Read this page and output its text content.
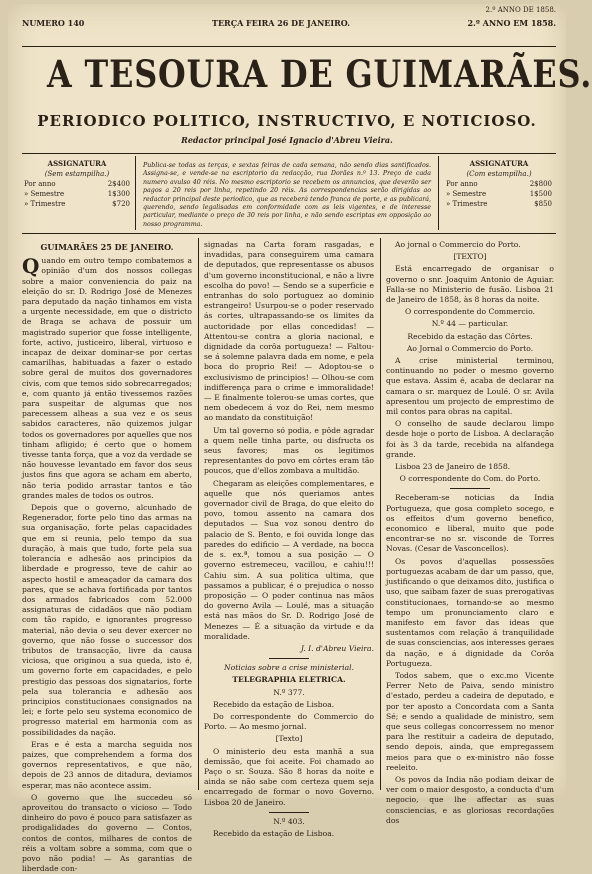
NUMERO 140	TERÇA FEIRA 26 DE JANEIRO.	2.º ANNO EM 1858.
2.º ANNO DE 1858.
A TESOURA DE GUIMARÃES.
PERIODICO POLITICO, INSTRUCTIVO, E NOTICIOSO.
Redactor principal José Ignacio d'Abreu Vieira.
ASSIGNATURA
(Sem estampilha.)
Por anno	2$400
» Semestre	1$300
» Trimestre	$720
Publica-se todas as terças, e sextas feiras de cada semana, não sendo dias santificados. Assigna-se, e vende-se na escriptorio da redacção, rua Dorães n.º 13. Preço de cada numero avulso 40 réis. No mesmo escriptorio se recebem os annuncios, que deverão ser pagos a 20 reis por linha, repetindo 20 réis. As correspondencias serão dirigidas ao redactor principal deste periodico, que as receberá tendo franca de porte, e as publicará, querendo, sendo legalisadas em conformidade com as leis vigentes, e de interesse particular, mediante o preço de 30 reis por linha, e não sendo escriptas em opposição ao nosso programma.
ASSIGNATURA
(Com estampilha.)
Por anno	2$800
» Semestre	1$500
» Trimestre	$850
GUIMARÃES 25 DE JANEIRO.

Quando em outro tempo combatemos a opinião d'um dos nossos collegas sobre a maior conveniencia do paiz na eleição do sr. D. Rodrigo José de Menezes para deputado da nação tinhamos em vista a urgente necessidade, em que o districto de Braga se achava de possuir um magistrado superior que fosse intelligente, forte, activo, justiceiro, liberal, virtuoso e incapaz de deixar dominar-se por certas camarilhas, habituadas a fazer o estado sobre geral de muitos dos governadores civis, com que temos sido sobrecarregados; e, com quanto já então tivessemos razões para suspeitar de algumas que nos parecessem alheas a sua vez e os seus sabidos caracteres, não quizemos julgar todos os governadores por aquelles que nos tinham afligido; é certo que o homem tivesse tanta força, que a voz da verdade se não houvesse levantado em favor dos seus justos fins que agora se acham em aberto, não teria podido arrastar tantos e tão grandes males de todos os outros.

Depois que o governo, alcunhado de Regenerador, forte pelo tino das armas na sua organisação, forte pelas capacidades que em si reunia, pelo tempo da sua duração, à mais que tudo, forte pela sua tolerancia e adhesão aos principios da liberdade e progresso, teve de cahir ao aspecto hostil e ameaçador da camara dos pares, que se achava fortificada por tantos dos armados fabricados com 52.000 assignaturas de cidadãos que não podiam com tão rapido, e ignorantes progresso material, não devia o seu dever exercer no governo, que não fosse o successor dos tributos de transacção, livre da causa viciosa, que originou a sua queda, isto é, um governo forte em capacidades, e pelo prestigio das pessoas dos signatarios, forte pela sua tolerancia e adhesão aos principios constitucionaes consignados na lei; e forte pelo seu systema economico de progresso material em harmonia com as possibilidades da nação.

Eras e é esta a marcha seguida nos paizes, que comprehendem a forma dos governos representativos, e que não, depois de 23 annos de ditadura, deviamos esperar, mas não acontece assim.

O governo que lhe succedeu só aproveitou do transacto o vicioso — Todo dinheiro do povo é pouco para satisfazer as prodigalidades do governo — Contos, contos de contos, milhares de contos de réis a voltam sobre a somma, com que o povo não podia! — As garantias de liberdade con-

signadas na Carta foram rasgadas, e invadidas, para conseguirem uma camara de deputados, que representasse os abusos d'um governo inconstitucional, e não a livre escolha do povo! — Sendo se a superficie e entranhas do solo portuguez ao dominio estrangeiro! Usurpou-se o poder reservado ás cortes, ultrapassando-se os limites da auctoridade por ellas concedidas! — Attentou-se contra a gloria nacional, e dignidade da corôa portugueza! — Faltou-se á solemne palavra dada em nome, e pela boca do proprio Rei! — Adoptou-se o exclusivismo de principios! — Olhou-se com indifferença para o crime e immoralidade! — E finalmente tolerou-se umas cortes, que nem obedecem á voz do Rei, nem mesmo ao mandato da constituição!

Um tal governo só podia, e pôde agradar a quem nelle tinha parte, ou disfructa os seus favores; mas os legitimos representantes do povo em côrtes eram tão poucos, que d'ellos zombava a multidão.

Chegaram as eleições complementares, e aquelle que nós queriamos antes governador civil de Braga, do que eleito do povo, tomou assento na camara dos deputados — Sua voz sonou dentro do palacio de S. Bento, e foi ouvida longe das paredes do edificio — A verdade, na bocca de s. ex.ª, tomou a sua posição — O governo estremeceu, vacillou, e cahiu!!! Cahiu sim. A sua politica ultima, que passamos a publicar, é o prejudica o nosso proposição — O poder continua nas mãos do governo Avila — Loulé, mas a situação está nas mãos do Sr. D. Rodrigo José de Menezes — É a situação da virtude e da moralidade.

J. I. d'Abreu Vieira.

Noticias sobre a crise ministerial.

TELEGRAPHIA ELETRICA.

N.º 377.

Recebido da estação de Lisboa.

Do correspondente do Commercio do Porto. — Ao mesmo jornal.

[Texto]

O ministerio deu esta manhã a sua demissão, que foi aceite. Foi chamado ao Paço o sr. Souza. São 8 horas da noite e ainda se não sabe com certeza quem seja encarregado de formar o novo Governo. Lisboa 20 de Janeiro.

N.º 403.

Recebido da estação de Lisboa.

Ao jornal o Commercio do Porto.

[TEXTO]

Está encarregado de organisar o governo o snr. Joaquim Antonio de Aguiar. Falla-se no Ministerio de fusão. Lisboa 21 de Janeiro de 1858, às 8 horas da noite.

O correspondente do Commercio.

N.º 44 — particular.

Recebido da estação das Côrtes.

Ao Jornal o Commercio do Porto.

A crise ministerial terminou, continuando no poder o mesmo governo que estava. Assim é, acaba de declarar na camara o sr. marquez de Loulé. O sr. Avila apresentou um projecto de emprestimo de mil contos para obras na capital.

O conselho de saude declarou limpo desde hoje o porto de Lisboa. A declaração foi às 3 da tarde, recebida na alfandega grande.

Lisboa 23 de Janeiro de 1858.

O correspondente do Com. do Porto.

Receberam-se noticias da India Portugueza, que gosa completo socego, e os effeitos d'um governo benefico, economico e liberal, muito que pode encontrar-se no sr. visconde de Torres Novas. (Cesar de Vasconcellos).

Os povos d'aquellas possessões portuguezas acabam de dar um passo, que, justificando o que deixamos dito, justifica o uso, que saibam fazer de suas prerogativas constitucionaes, tornando-se ao mesmo tempo um pronunciamento claro e manifesto em favor das ideas que sustentamos com relação á tranquilidade de suas consciencias, aos interesses geraes da nação, e á dignidade da Corôa Portugueza.

Todos sabem, que o exc.mo Vicente Ferrer Neto de Paiva, sendo ministro d'estado, perdeu a cadeira de deputado, e por ter aposto a Concordata com a Santa Sé; e sendo a qualidade de ministro, sem que seus collegas concorressem no menor para lhe restituir a cadeira de deputado, sendo depois, ainda, que empregassem meios para que o ex-ministro não fosse reeleito.

Os povos da India não podiam deixar de ver com o maior desgosto, a conducta d'um negocio, que lhe affectar as suas consciencias, e as gloriosas recordações dos
